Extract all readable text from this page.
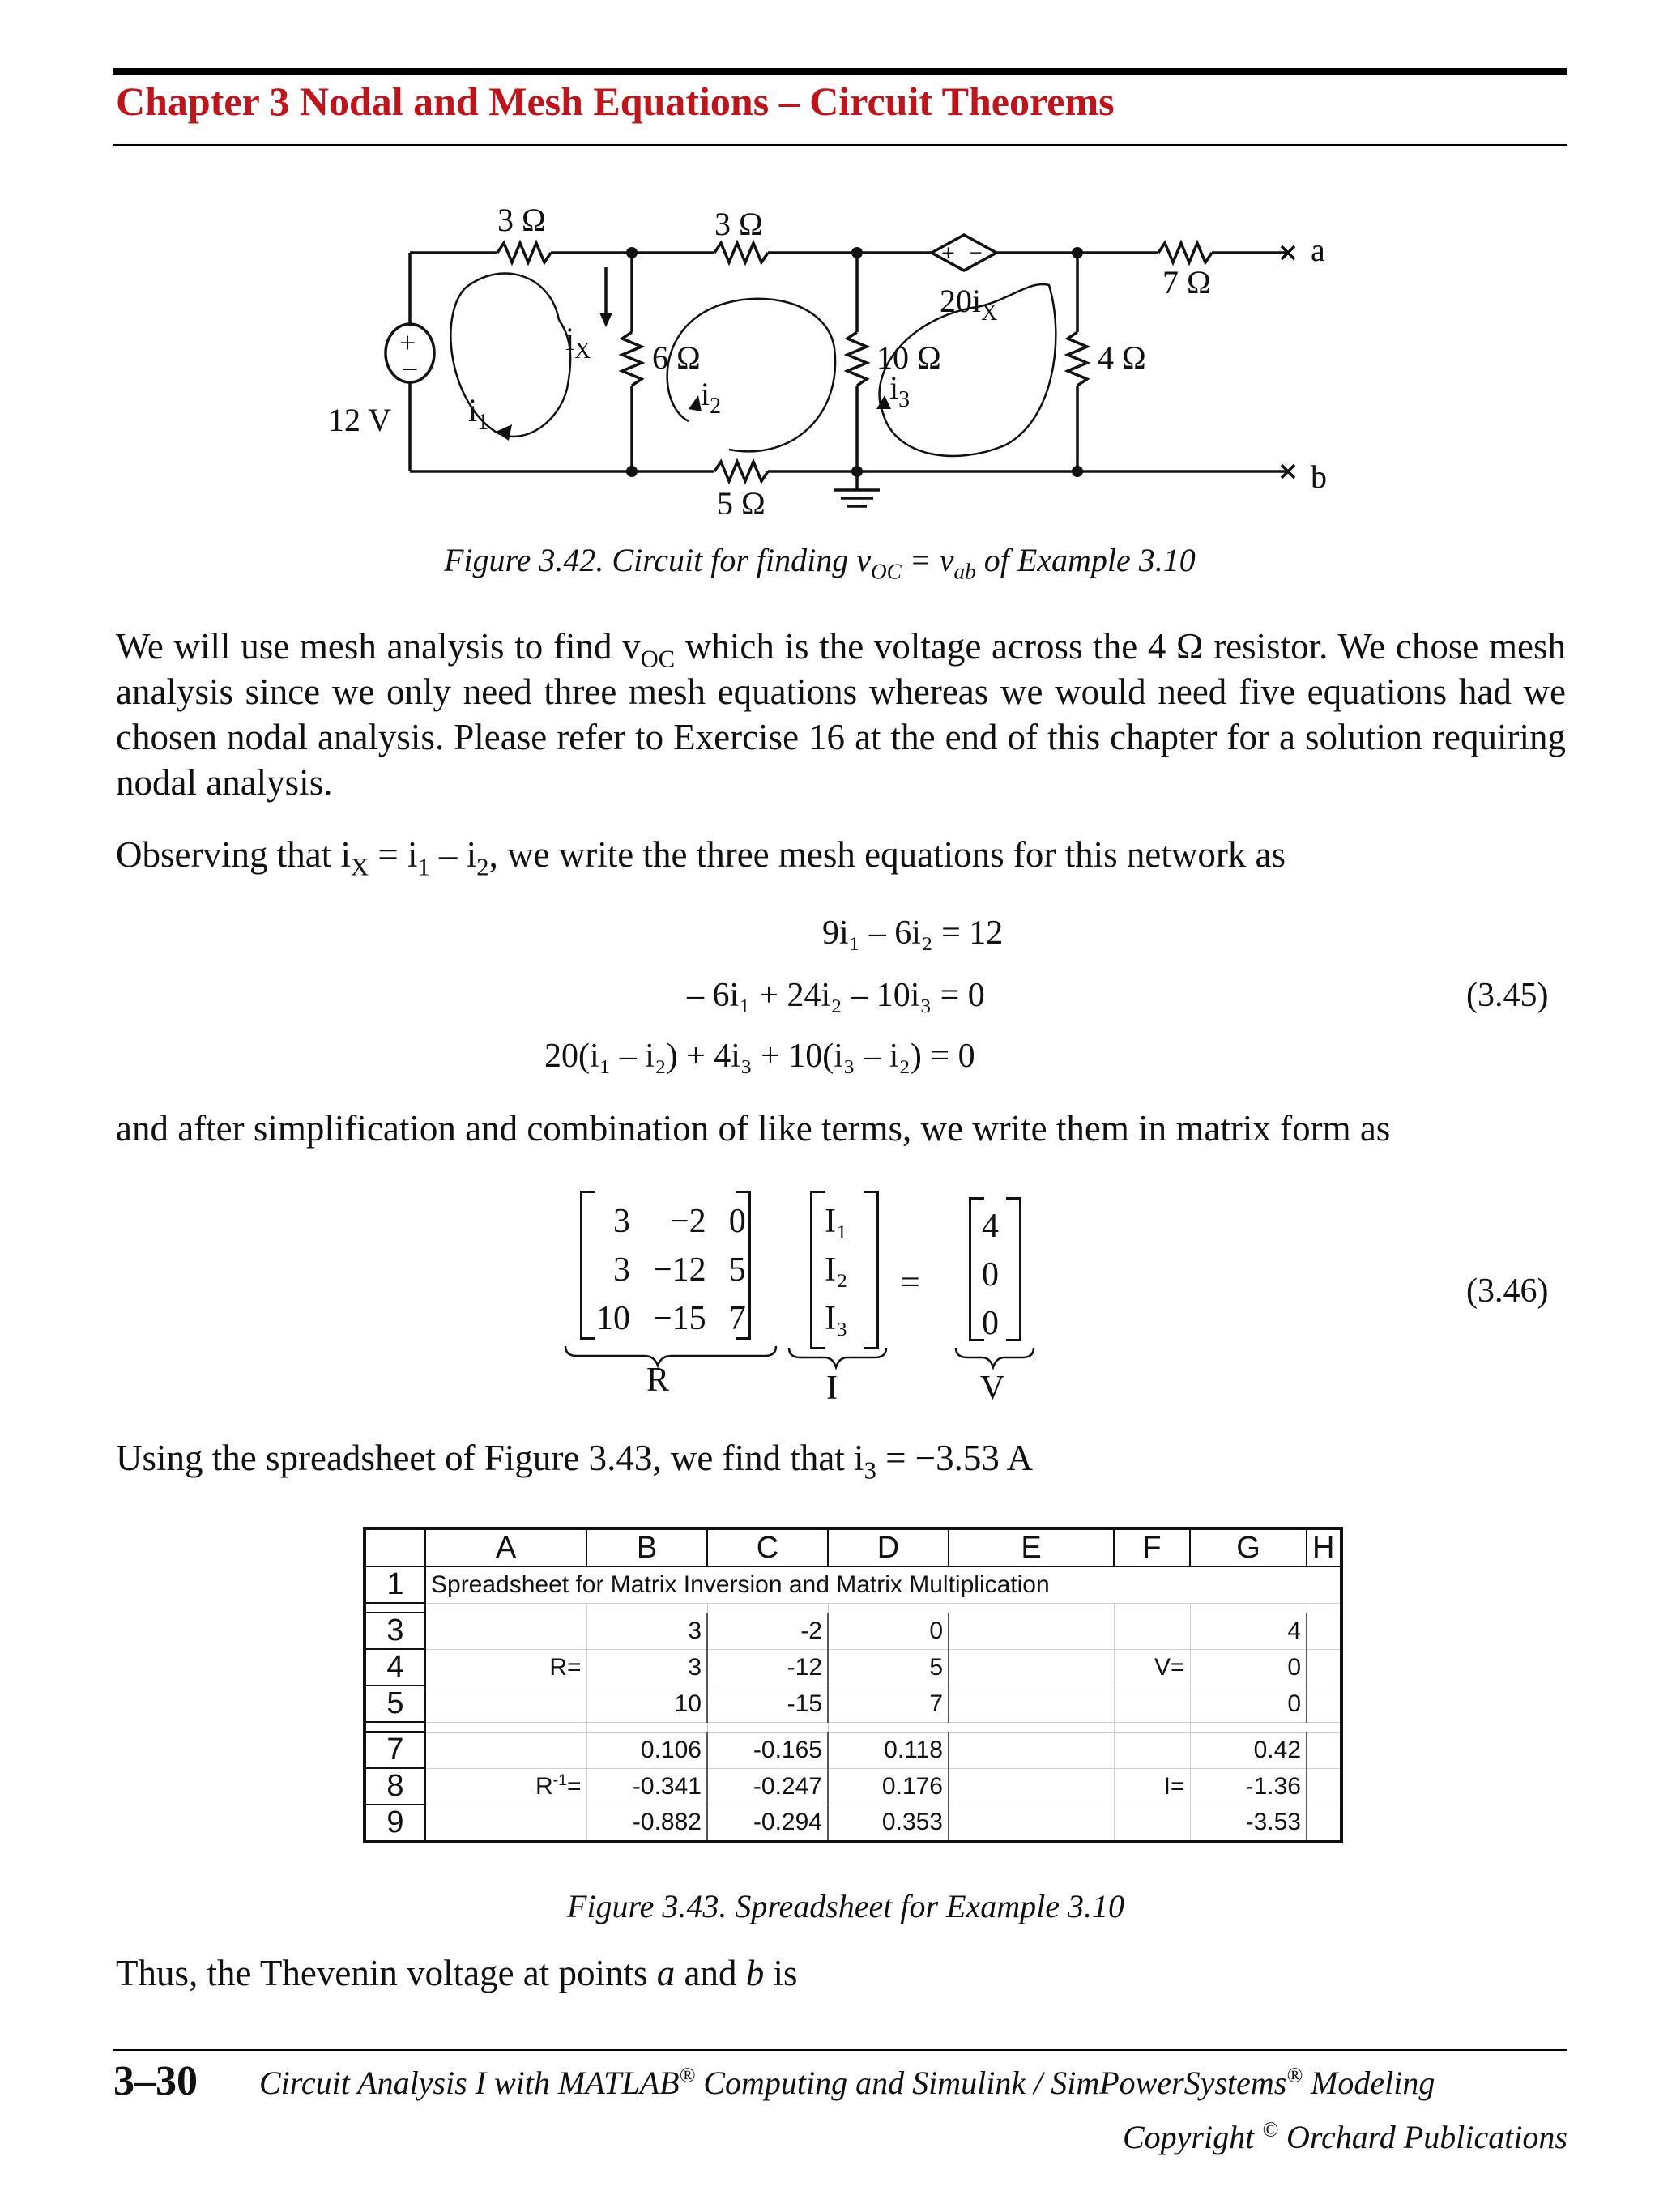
Chapter 3 Nodal and Mesh Equations – Circuit Theorems
3 Ω	3 Ω
6 Ω	10 Ω	4 Ω
7 Ω
5 Ω
12 V
a
b
+
−
+ −
$20i_X$
$i_X$
$i_1$
$i_2$
$i_3$
Figure 3.42. Circuit for finding $v_{OC} = v_{ab}$ of Example 3.10
We will use mesh analysis to find $v_{OC}$ which is the voltage across the 4 Ω resistor. We chose mesh analysis since we only need three mesh equations whereas we would need five equations had we chosen nodal analysis. Please refer to Exercise 16 at the end of this chapter for a solution requiring nodal analysis.
Observing that $i_X = i_1 - i_2$, we write the three mesh equations for this network as
9i₁ – 6i₂ = 12
– 6i₁ + 24i₂ – 10i₃ = 0
20(i₁ – i₂) + 4i₃ + 10(i₃ – i₂) = 0
(3.45)
and after simplification and combination of like terms, we write them in matrix form as
3	−2	0
3	−12	5
10	−15	7
I₁
I₂
I₃
=
4
0
0
R	I	V
(3.46)
Using the spreadsheet of Figure 3.43, we find that $i_3 = -3.53$ A
	A	B	C	D	E	F	G	H
1	Spreadsheet for Matrix Inversion and Matrix Multiplication							

3		3	-2	0			4	
4	R=	3	-12	5		V=	0	
5		10	-15	7			0	

7		0.106	-0.165	0.118			0.42	
8	$R^{-1}=$	-0.341	-0.247	0.176		I=	-1.36	
9		-0.882	-0.294	0.353			-3.53	
Figure 3.43. Spreadsheet for Example 3.10
Thus, the Thevenin voltage at points a and b is
3–30 Circuit Analysis I with MATLAB® Computing and Simulink / SimPowerSystems® Modeling
Copyright © Orchard Publications
